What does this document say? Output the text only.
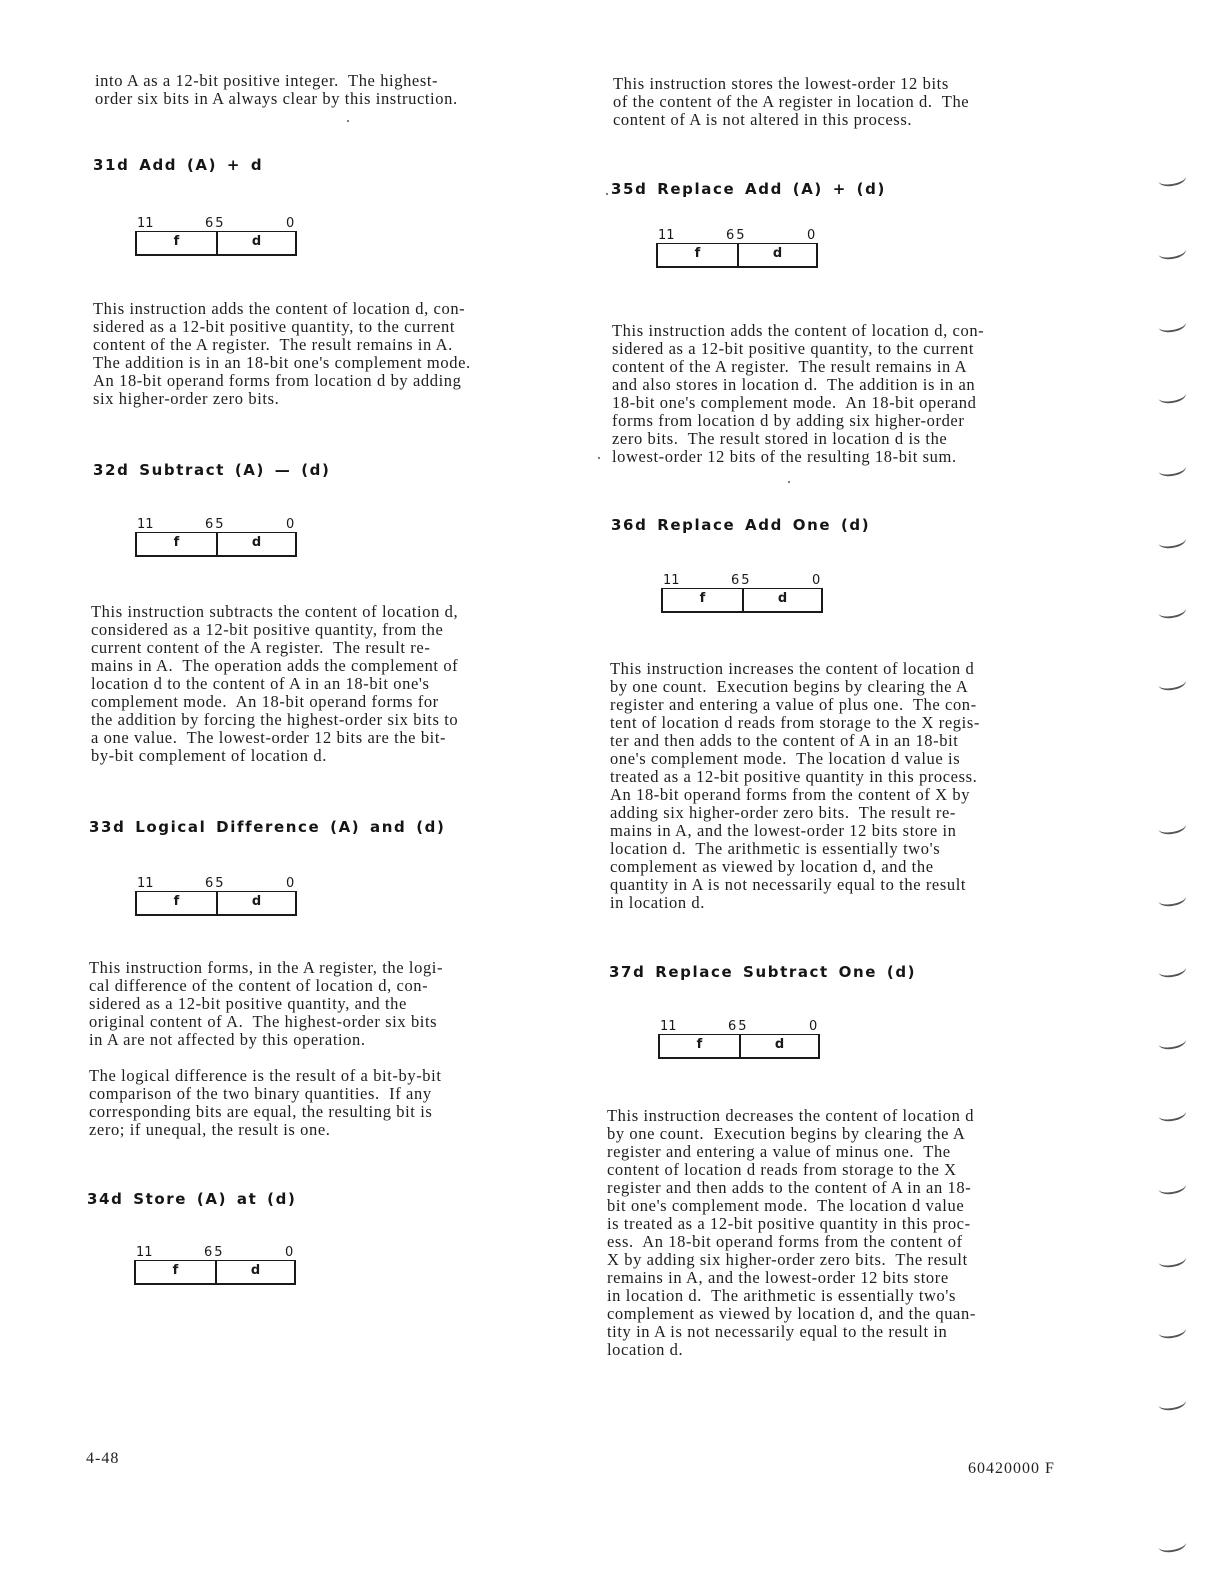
into A as a 12-bit positive integer.  The highest-
order six bits in A always clear by this instruction.

31d Add (A) + d
11	65	0
f	d

This instruction adds the content of location d, con-
sidered as a 12-bit positive quantity, to the current
content of the A register.  The result remains in A.
The addition is in an 18-bit one's complement mode.
An 18-bit operand forms from location d by adding
six higher-order zero bits.

32d Subtract (A) — (d)
11	65	0
f	d

This instruction subtracts the content of location d,
considered as a 12-bit positive quantity, from the
current content of the A register.  The result re-
mains in A.  The operation adds the complement of
location d to the content of A in an 18-bit one's
complement mode.  An 18-bit operand forms for
the addition by forcing the highest-order six bits to
a one value.  The lowest-order 12 bits are the bit-
by-bit complement of location d.

33d Logical Difference (A) and (d)
11	65	0
f	d

This instruction forms, in the A register, the logi-
cal difference of the content of location d, con-
sidered as a 12-bit positive quantity, and the
original content of A.  The highest-order six bits
in A are not affected by this operation.

The logical difference is the result of a bit-by-bit
comparison of the two binary quantities.  If any
corresponding bits are equal, the resulting bit is
zero; if unequal, the result is one.

34d Store (A) at (d)
11	65	0
f	d

This instruction stores the lowest-order 12 bits
of the content of the A register in location d.  The
content of A is not altered in this process.

35d Replace Add (A) + (d)
11	65	0
f	d

This instruction adds the content of location d, con-
sidered as a 12-bit positive quantity, to the current
content of the A register.  The result remains in A
and also stores in location d.  The addition is in an
18-bit one's complement mode.  An 18-bit operand
forms from location d by adding six higher-order
zero bits.  The result stored in location d is the
lowest-order 12 bits of the resulting 18-bit sum.

36d Replace Add One (d)
11	65	0
f	d

This instruction increases the content of location d
by one count.  Execution begins by clearing the A
register and entering a value of plus one.  The con-
tent of location d reads from storage to the X regis-
ter and then adds to the content of A in an 18-bit
one's complement mode.  The location d value is
treated as a 12-bit positive quantity in this process.
An 18-bit operand forms from the content of X by
adding six higher-order zero bits.  The result re-
mains in A, and the lowest-order 12 bits store in
location d.  The arithmetic is essentially two's
complement as viewed by location d, and the
quantity in A is not necessarily equal to the result
in location d.

37d Replace Subtract One (d)
11	65	0
f	d

This instruction decreases the content of location d
by one count.  Execution begins by clearing the A
register and entering a value of minus one.  The
content of location d reads from storage to the X
register and then adds to the content of A in an 18-
bit one's complement mode.  The location d value
is treated as a 12-bit positive quantity in this proc-
ess.  An 18-bit operand forms from the content of
X by adding six higher-order zero bits.  The result
remains in A, and the lowest-order 12 bits store
in location d.  The arithmetic is essentially two's
complement as viewed by location d, and the quan-
tity in A is not necessarily equal to the result in
location d.

4-48
60420000 F
